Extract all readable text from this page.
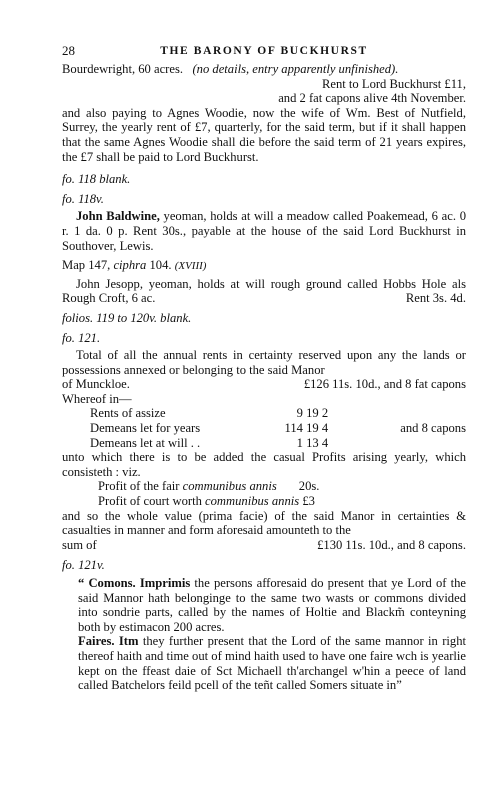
28	THE BARONY OF BUCKHURST

Bourdewright, 60 acres. (no details, entry apparently unfinished).

Rent to Lord Buckhurst £11,

and 2 fat capons alive 4th November.

and also paying to Agnes Woodie, now the wife of Wm. Best of Nutfield, Surrey, the yearly rent of £7, quarterly, for the said term, but if it shall happen that the same Agnes Woodie shall die before the said term of 21 years expires, the £7 shall be paid to Lord Buckhurst.

fo. 118 blank.

fo. 118v.

John Baldwine, yeoman, holds at will a meadow called Poakemead, 6 ac. 0 r. 1 da. 0 p. Rent 30s., payable at the house of the said Lord Buckhurst in Southover, Lewis.

Map 147, ciphra 104. (XVIII)

John Jesopp, yeoman, holds at will rough ground called Hobbs Hole als Rough Croft, 6 ac.	Rent 3s. 4d.

folios. 119 to 120v. blank.

fo. 121.

Total of all the annual rents in certainty reserved upon any the lands or possessions annexed or belonging to the said Manor

of Munckloe.	£126 11s. 10d., and 8 fat capons

Whereof in—

Rents of assize	9 19 2
Demeans let for years	114 19 4	and 8 capons
Demeans let at will . .	1 13 4

unto which there is to be added the casual Profits arising yearly, which consisteth : viz.

Profit of the fair communibus annis 20s.

Profit of court worth communibus annis £3

and so the whole value (prima facie) of the said Manor in certainties & casualties in manner and form aforesaid amounteth to the

sum of	£130 11s. 10d., and 8 capons.

fo. 121v.

“ Comons. Imprimis the persons afforesaid do present that ye Lord of the said Mannor hath belonginge to the same two wasts or commons divided into sondrie parts, called by the names of Holtie and Blackm̃ conteyning both by estimacon 200 acres.

Faires. Itm they further present that the Lord of the same mannor in right thereof haith and time out of mind haith used to have one faire wch is yearlie kept on the ffeast daie of Sct Michaell th'archangel w'hin a peece of land called Batchelors feild pcell of the teñt called Somers situate in”
